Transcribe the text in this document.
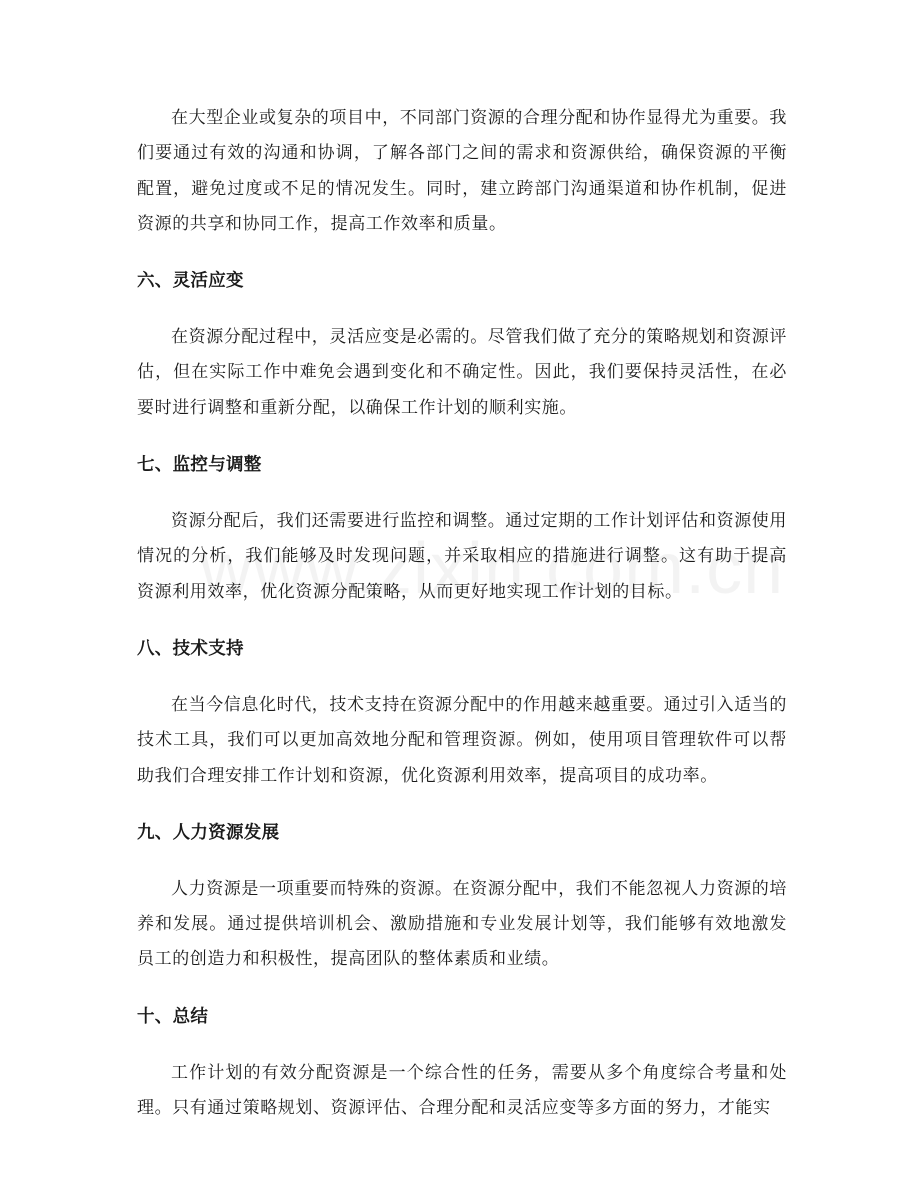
在大型企业或复杂的项目中，不同部门资源的合理分配和协作显得尤为重要。我们要通过有效的沟通和协调，了解各部门之间的需求和资源供给，确保资源的平衡配置，避免过度或不足的情况发生。同时，建立跨部门沟通渠道和协作机制，促进资源的共享和协同工作，提高工作效率和质量。

六、灵活应变

在资源分配过程中，灵活应变是必需的。尽管我们做了充分的策略规划和资源评估，但在实际工作中难免会遇到变化和不确定性。因此，我们要保持灵活性，在必要时进行调整和重新分配，以确保工作计划的顺利实施。

七、监控与调整

资源分配后，我们还需要进行监控和调整。通过定期的工作计划评估和资源使用情况的分析，我们能够及时发现问题，并采取相应的措施进行调整。这有助于提高资源利用效率，优化资源分配策略，从而更好地实现工作计划的目标。

八、技术支持

在当今信息化时代，技术支持在资源分配中的作用越来越重要。通过引入适当的技术工具，我们可以更加高效地分配和管理资源。例如，使用项目管理软件可以帮助我们合理安排工作计划和资源，优化资源利用效率，提高项目的成功率。

九、人力资源发展

人力资源是一项重要而特殊的资源。在资源分配中，我们不能忽视人力资源的培养和发展。通过提供培训机会、激励措施和专业发展计划等，我们能够有效地激发员工的创造力和积极性，提高团队的整体素质和业绩。

十、总结

工作计划的有效分配资源是一个综合性的任务，需要从多个角度综合考量和处理。只有通过策略规划、资源评估、合理分配和灵活应变等多方面的努力，才能实
